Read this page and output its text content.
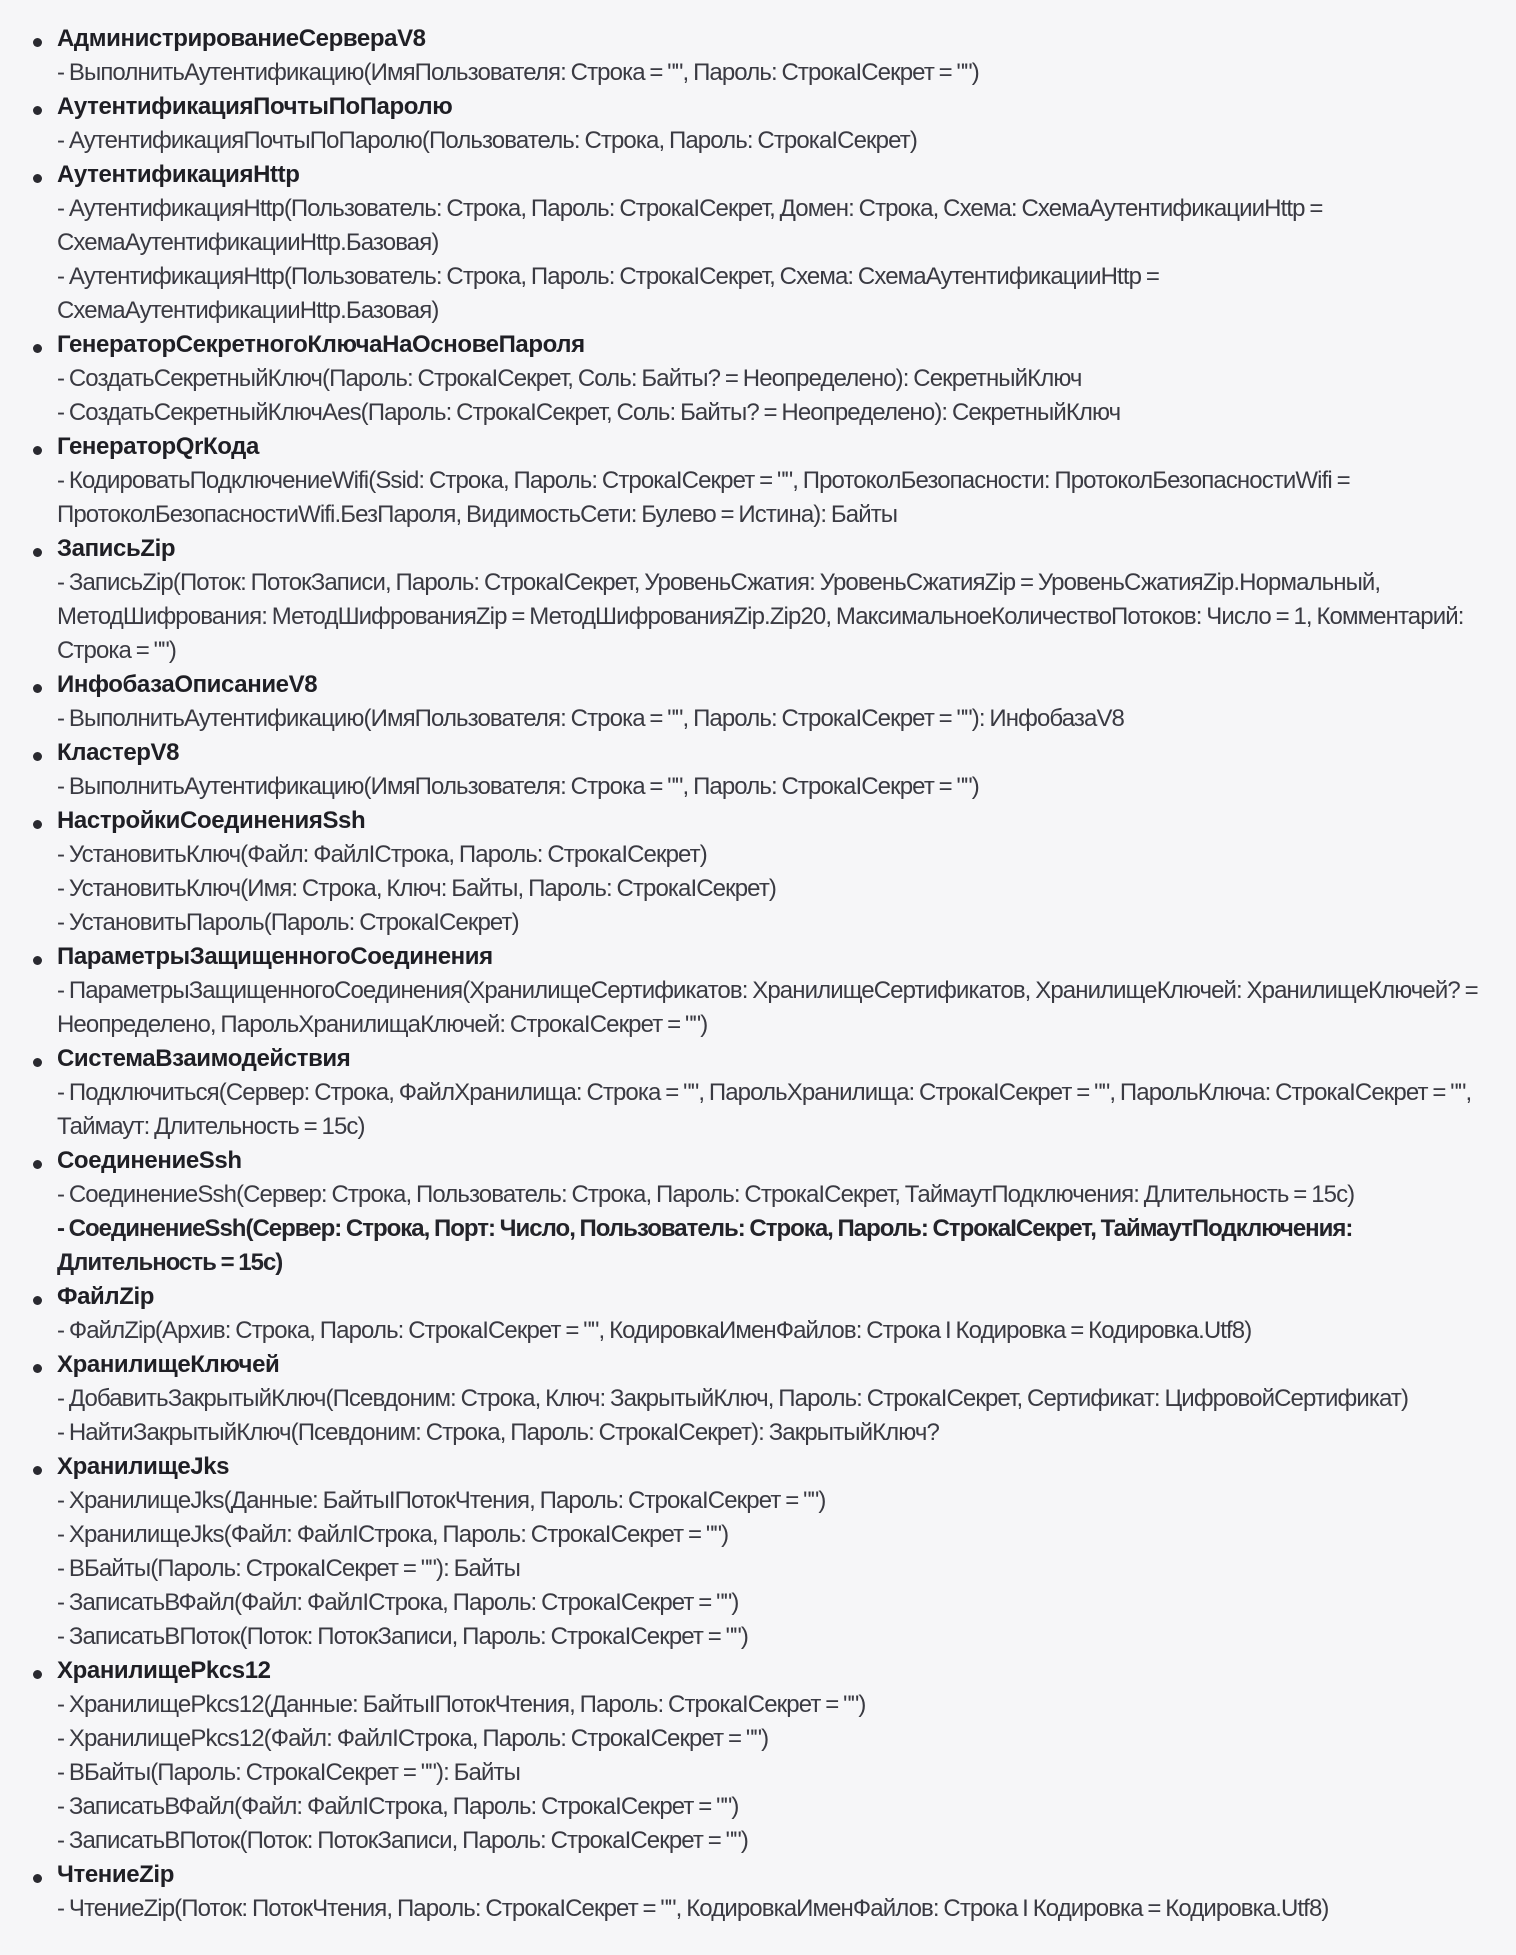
АдминистрированиеСервераV8
- ВыполнитьАутентификацию(ИмяПользователя: Строка = "", Пароль: СтрокаІСекрет = "")
АутентификацияПочтыПоПаролю
- АутентификацияПочтыПоПаролю(Пользователь: Строка, Пароль: СтрокаІСекрет)
АутентификацияHttp
- АутентификацияHttp(Пользователь: Строка, Пароль: СтрокаІСекрет, Домен: Строка, Схема: СхемаАутентификацииHttp = СхемаАутентификацииHttp.Базовая)
- АутентификацияHttp(Пользователь: Строка, Пароль: СтрокаІСекрет, Схема: СхемаАутентификацииHttp = СхемаАутентификацииHttp.Базовая)
ГенераторСекретногоКлючаНаОсновеПароля
- СоздатьСекретныйКлюч(Пароль: СтрокаІСекрет, Соль: Байты? = Неопределено): СекретныйКлюч
- СоздатьСекретныйКлючAes(Пароль: СтрокаІСекрет, Соль: Байты? = Неопределено): СекретныйКлюч
ГенераторQrКода
- КодироватьПодключениеWifi(Ssid: Строка, Пароль: СтрокаІСекрет = "", ПротоколБезопасности: ПротоколБезопасностиWifi = ПротоколБезопасностиWifi.БезПароля, ВидимостьСети: Булево = Истина): Байты
ЗаписьZip
- ЗаписьZip(Поток: ПотокЗаписи, Пароль: СтрокаІСекрет, УровеньСжатия: УровеньСжатияZip = УровеньСжатияZip.Нормальный, МетодШифрования: МетодШифрованияZip = МетодШифрованияZip.Zip20, МаксимальноеКоличествоПотоков: Число = 1, Комментарий: Строка = "")
ИнфобазаОписаниеV8
- ВыполнитьАутентификацию(ИмяПользователя: Строка = "", Пароль: СтрокаІСекрет = ""): ИнфобазаV8
КластерV8
- ВыполнитьАутентификацию(ИмяПользователя: Строка = "", Пароль: СтрокаІСекрет = "")
НастройкиСоединенияSsh
- УстановитьКлюч(Файл: ФайлІСтрока, Пароль: СтрокаІСекрет)
- УстановитьКлюч(Имя: Строка, Ключ: Байты, Пароль: СтрокаІСекрет)
- УстановитьПароль(Пароль: СтрокаІСекрет)
ПараметрыЗащищенногоСоединения
- ПараметрыЗащищенногоСоединения(ХранилищеСертификатов: ХранилищеСертификатов, ХранилищеКлючей: ХранилищеКлючей? = Неопределено, ПарольХранилищаКлючей: СтрокаІСекрет = "")
СистемаВзаимодействия
- Подключиться(Сервер: Строка, ФайлХранилища: Строка = "", ПарольХранилища: СтрокаІСекрет = "", ПарольКлюча: СтрокаІСекрет = "", Таймаут: Длительность = 15с)
СоединениеSsh
- СоединениеSsh(Сервер: Строка, Пользователь: Строка, Пароль: СтрокаІСекрет, ТаймаутПодключения: Длительность = 15с)
- СоединениеSsh(Сервер: Строка, Порт: Число, Пользователь: Строка, Пароль: СтрокаІСекрет, ТаймаутПодключения: Длительность = 15с)
ФайлZip
- ФайлZip(Архив: Строка, Пароль: СтрокаІСекрет = "", КодировкаИменФайлов: Строка І Кодировка = Кодировка.Utf8)
ХранилищеКлючей
- ДобавитьЗакрытыйКлюч(Псевдоним: Строка, Ключ: ЗакрытыйКлюч, Пароль: СтрокаІСекрет, Сертификат: ЦифровойСертификат)
- НайтиЗакрытыйКлюч(Псевдоним: Строка, Пароль: СтрокаІСекрет): ЗакрытыйКлюч?
ХранилищеJks
- ХранилищеJks(Данные: БайтыІПотокЧтения, Пароль: СтрокаІСекрет = "")
- ХранилищеJks(Файл: ФайлІСтрока, Пароль: СтрокаІСекрет = "")
- ВБайты(Пароль: СтрокаІСекрет = ""): Байты
- ЗаписатьВФайл(Файл: ФайлІСтрока, Пароль: СтрокаІСекрет = "")
- ЗаписатьВПоток(Поток: ПотокЗаписи, Пароль: СтрокаІСекрет = "")
ХранилищеPkcs12
- ХранилищеPkcs12(Данные: БайтыІПотокЧтения, Пароль: СтрокаІСекрет = "")
- ХранилищеPkcs12(Файл: ФайлІСтрока, Пароль: СтрокаІСекрет = "")
- ВБайты(Пароль: СтрокаІСекрет = ""): Байты
- ЗаписатьВФайл(Файл: ФайлІСтрока, Пароль: СтрокаІСекрет = "")
- ЗаписатьВПоток(Поток: ПотокЗаписи, Пароль: СтрокаІСекрет = "")
ЧтениеZip
- ЧтениеZip(Поток: ПотокЧтения, Пароль: СтрокаІСекрет = "", КодировкаИменФайлов: Строка І Кодировка = Кодировка.Utf8)
